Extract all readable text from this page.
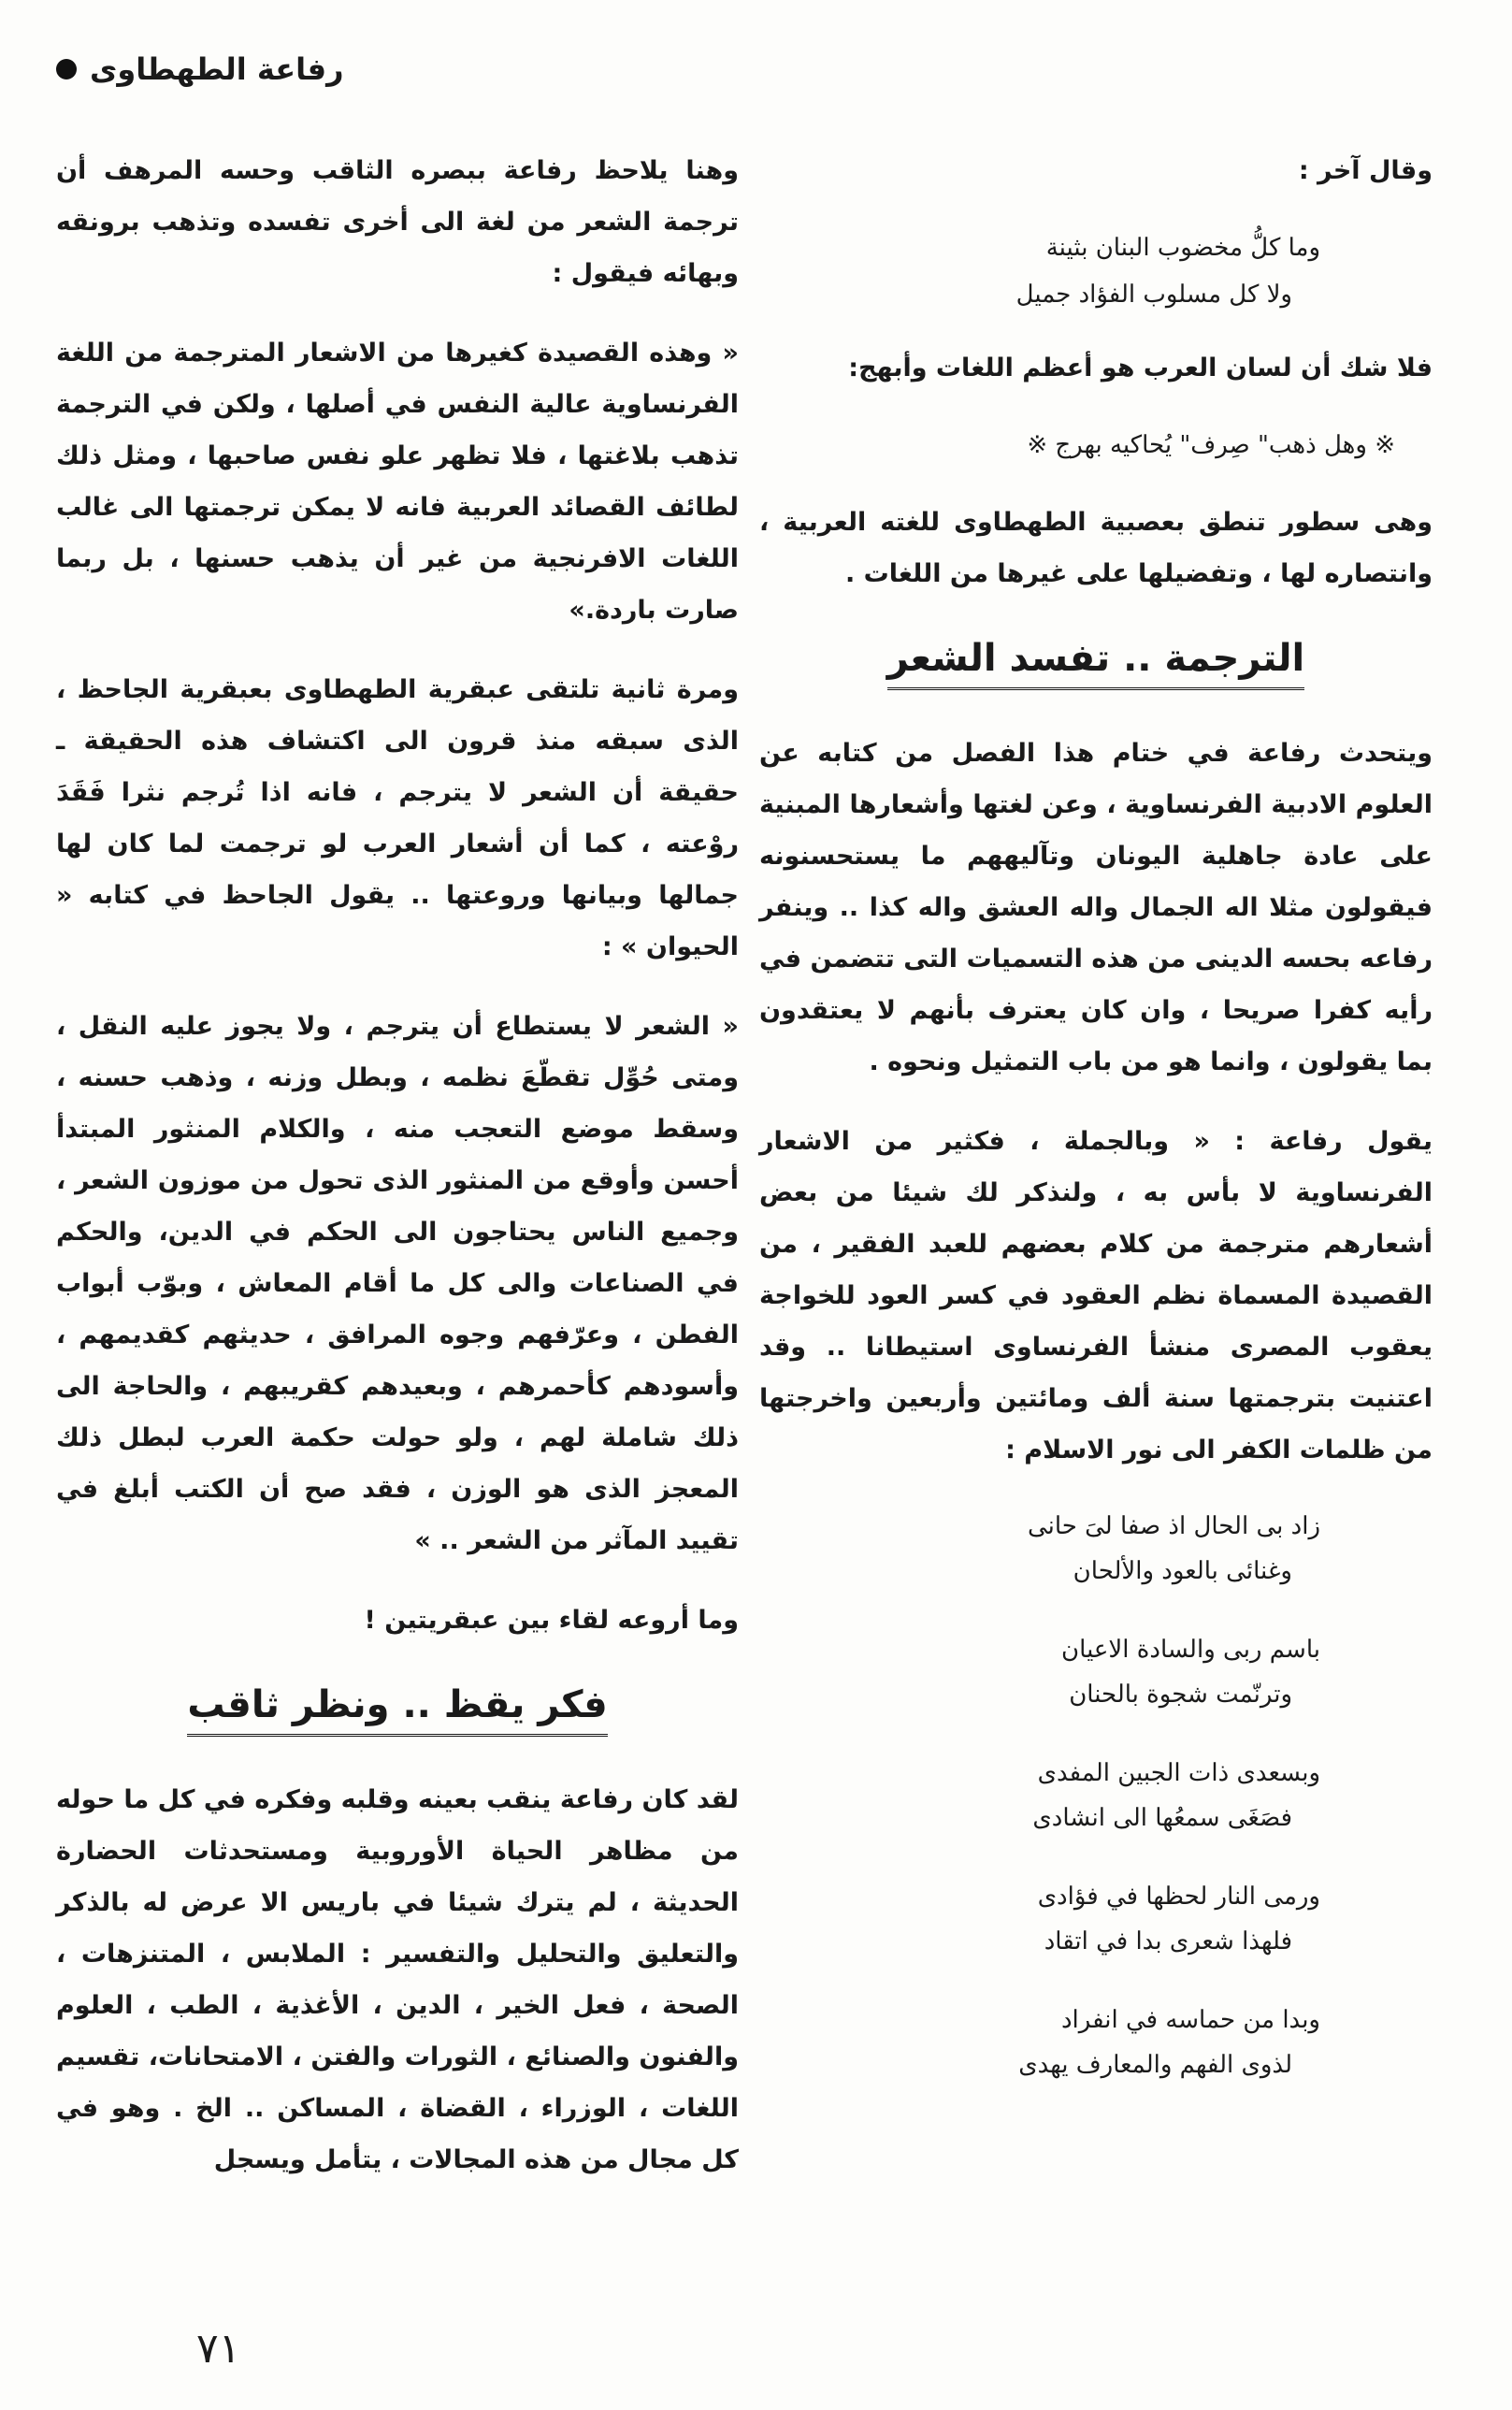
رفاعة الطهطاوى

وقال آخر :

وما كلُّ مخضوب البنان بثينة
ولا كل مسلوب الفؤاد جميل

فلا شك أن لسان العرب هو أعظم اللغات وأبهج:

※ وهل ذهب" صِرف" يُحاكيه بهرج ※

وهى سطور تنطق بعصبية الطهطاوى للغته العربية ، وانتصاره لها ، وتفضيلها على غيرها من اللغات .

الترجمة .. تفسد الشعر

ويتحدث رفاعة في ختام هذا الفصل من كتابه عن العلوم الادبية الفرنساوية ، وعن لغتها وأشعارها المبنية على عادة جاهلية اليونان وتآليههم ما يستحسنونه فيقولون مثلا اله الجمال واله العشق واله كذا .. وينفر رفاعه بحسه الدينى من هذه التسميات التى تتضمن في رأيه كفرا صريحا ، وان كان يعترف بأنهم لا يعتقدون بما يقولون ، وانما هو من باب التمثيل ونحوه .

يقول رفاعة : « وبالجملة ، فكثير من الاشعار الفرنساوية لا بأس به ، ولنذكر لك شيئا من بعض أشعارهم مترجمة من كلام بعضهم للعبد الفقير ، من القصيدة المسماة نظم العقود في كسر العود للخواجة يعقوب المصرى منشأ الفرنساوى استيطانا .. وقد اعتنيت بترجمتها سنة ألف ومائتين وأربعين واخرجتها من ظلمات الكفر الى نور الاسلام :

زاد بى الحال اذ صفا لىَ حانى
وغنائى بالعود والألحان
باسم ربى والسادة الاعيان
وترنّمت شجوة بالحنان
وبسعدى ذات الجبين المفدى
فصَغَى سمعُها الى انشادى
ورمى النار لحظها في فؤادى
فلهذا شعرى بدا في اتقاد
وبدا من حماسه في انفراد
لذوى الفهم والمعارف يهدى

وهنا يلاحظ رفاعة ببصره الثاقب وحسه المرهف أن ترجمة الشعر من لغة الى أخرى تفسده وتذهب برونقه وبهائه فيقول :

« وهذه القصيدة كغيرها من الاشعار المترجمة من اللغة الفرنساوية عالية النفس في أصلها ، ولكن في الترجمة تذهب بلاغتها ، فلا تظهر علو نفس صاحبها ، ومثل ذلك لطائف القصائد العربية فانه لا يمكن ترجمتها الى غالب اللغات الافرنجية من غير أن يذهب حسنها ، بل ربما صارت باردة.»

ومرة ثانية تلتقى عبقرية الطهطاوى بعبقرية الجاحظ ، الذى سبقه منذ قرون الى اكتشاف هذه الحقيقة ـ حقيقة أن الشعر لا يترجم ، فانه اذا تُرجم نثرا فَقَدَ روْعته ، كما أن أشعار العرب لو ترجمت لما كان لها جمالها وبيانها وروعتها .. يقول الجاحظ في كتابه « الحيوان » :

« الشعر لا يستطاع أن يترجم ، ولا يجوز عليه النقل ، ومتى حُوِّل تقطّعَ نظمه ، وبطل وزنه ، وذهب حسنه ، وسقط موضع التعجب منه ، والكلام المنثور المبتدأ أحسن وأوقع من المنثور الذى تحول من موزون الشعر ، وجميع الناس يحتاجون الى الحكم في الدين، والحكم في الصناعات والى كل ما أقام المعاش ، وبوّب أبواب الفطن ، وعرّفهم وجوه المرافق ، حديثهم كقديمهم ، وأسودهم كأحمرهم ، وبعيدهم كقريبهم ، والحاجة الى ذلك شاملة لهم ، ولو حولت حكمة العرب لبطل ذلك المعجز الذى هو الوزن ، فقد صح أن الكتب أبلغ في تقييد المآثر من الشعر .. »

وما أروعه لقاء بين عبقريتين !

فكر يقظ .. ونظر ثاقب

لقد كان رفاعة ينقب بعينه وقلبه وفكره في كل ما حوله من مظاهر الحياة الأوروبية ومستحدثات الحضارة الحديثة ، لم يترك شيئا في باريس الا عرض له بالذكر والتعليق والتحليل والتفسير : الملابس ، المتنزهات ، الصحة ، فعل الخير ، الدين ، الأغذية ، الطب ، العلوم والفنون والصنائع ، الثورات والفتن ، الامتحانات، تقسيم اللغات ، الوزراء ، القضاة ، المساكن .. الخ . وهو في كل مجال من هذه المجالات ، يتأمل ويسجل

٧١
